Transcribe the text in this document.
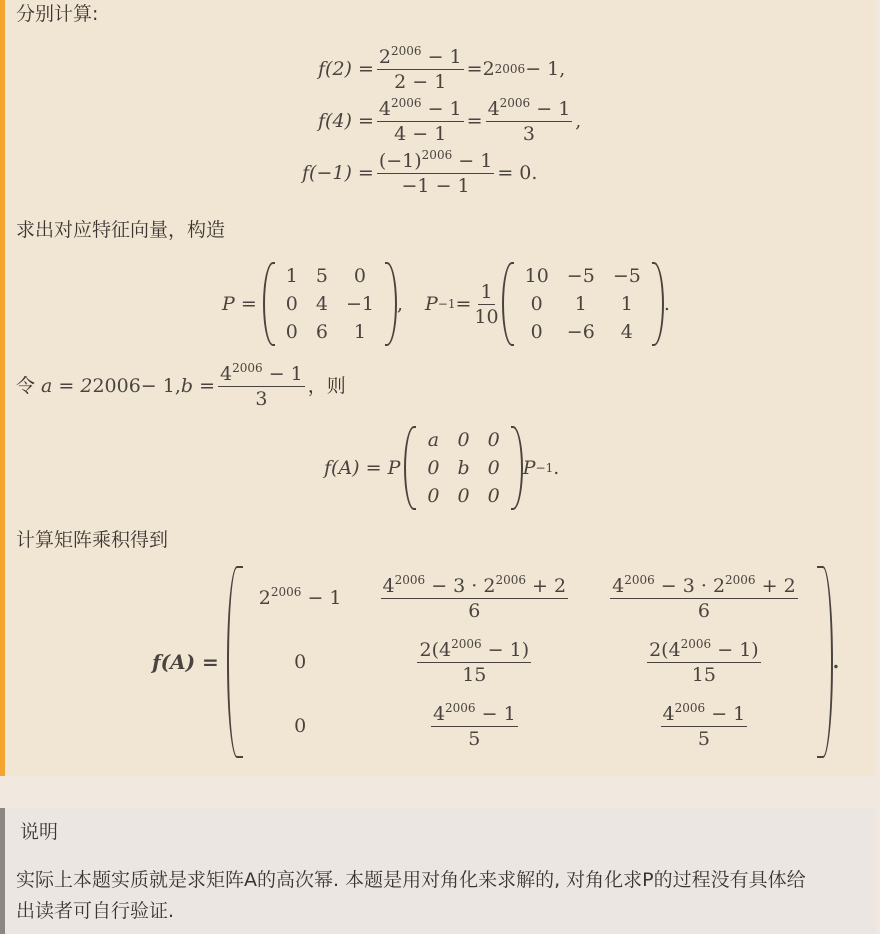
分别计算:
$f(2) = \frac{2^{2006} - 1}{2 - 1} = 2$ 2006 − 1,
$f(4) = \frac{4^{2006} - 1}{4 - 1} = \frac{4^{2006} - 1}{3}$ ,
$f(-1) = \frac{(-1)^{2006} - 1}{-1 - 1} = 0$.
求出对应特征向量，构造
P =
1	5	0
0	4	−1
0	6	1
, $P -1 = \frac{1}{10}$
10	−5	−5
0	1	1
0	−6	4
.
令 a = 2 2006 − 1, $b = \frac{4^{2006} - 1}{3}$ ，则
f(A) = P
a	0	0
0	b	0
0	0	0
P −1 .
计算矩阵乘积得到
f(A) =
$2^{2006} - 1$	$\frac{4^{2006} - 3 \cdot 2^{2006} + 2}{6}$	$\frac{4^{2006} - 3 \cdot 2^{2006} + 2}{6}$

0	$\frac{2(4^{2006} - 1)}{15}$	$\frac{2(4^{2006} - 1)}{15}$

0	$\frac{4^{2006} - 1}{5}$	$\frac{4^{2006} - 1}{5}$
.
说明
实际上本题实质就是求矩阵A的高次幂. 本题是用对角化来求解的, 对角化求P的过程没有具体给
出读者可自行验证.
